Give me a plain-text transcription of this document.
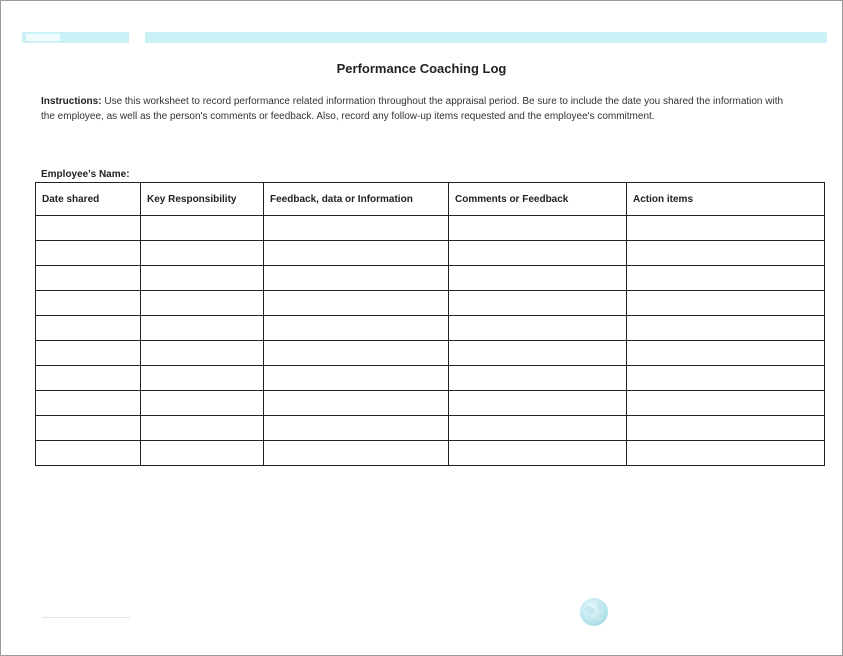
Performance Coaching Log
Instructions: Use this worksheet to record performance related information throughout the appraisal period. Be sure to include the date you shared the information with the employee, as well as the person's comments or feedback. Also, record any follow-up items requested and the employee's commitment.
Employee's Name:
Date shared	Key Responsibility	Feedback, data or Information	Comments or Feedback	Action items
